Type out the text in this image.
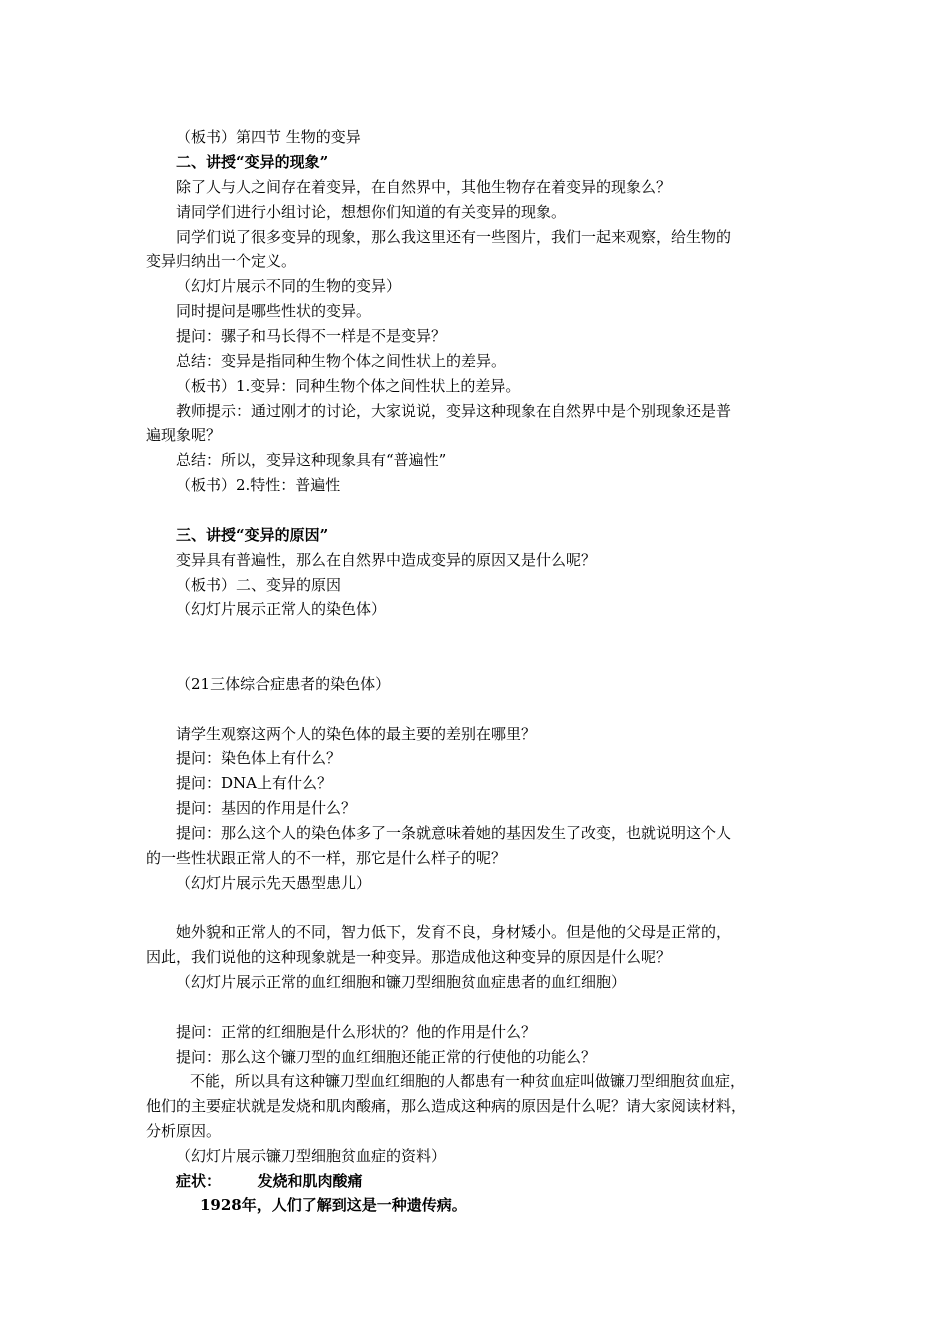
（板书）第四节 生物的变异
二、讲授“变异的现象”
除了人与人之间存在着变异，在自然界中，其他生物存在着变异的现象么？
请同学们进行小组讨论，想想你们知道的有关变异的现象。
同学们说了很多变异的现象，那么我这里还有一些图片，我们一起来观察，给生物的
变异归纳出一个定义。
（幻灯片展示不同的生物的变异）
同时提问是哪些性状的变异。
提问：骡子和马长得不一样是不是变异？
总结：变异是指同种生物个体之间性状上的差异。
（板书）1.变异：同种生物个体之间性状上的差异。
教师提示：通过刚才的讨论，大家说说，变异这种现象在自然界中是个别现象还是普
遍现象呢？
总结：所以，变异这种现象具有“普遍性”
（板书）2.特性：普遍性
三、讲授“变异的原因”
变异具有普遍性，那么在自然界中造成变异的原因又是什么呢？
（板书）二、变异的原因
（幻灯片展示正常人的染色体）
（21三体综合症患者的染色体）
请学生观察这两个人的染色体的最主要的差别在哪里？
提问：染色体上有什么？
提问：DNA上有什么？
提问：基因的作用是什么？
提问：那么这个人的染色体多了一条就意味着她的基因发生了改变，也就说明这个人
的一些性状跟正常人的不一样，那它是什么样子的呢？
（幻灯片展示先天愚型患儿）
她外貌和正常人的不同，智力低下，发育不良，身材矮小。但是他的父母是正常的，
因此，我们说他的这种现象就是一种变异。那造成他这种变异的原因是什么呢？
（幻灯片展示正常的血红细胞和镰刀型细胞贫血症患者的血红细胞）
提问：正常的红细胞是什么形状的？他的作用是什么？
提问：那么这个镰刀型的血红细胞还能正常的行使他的功能么？
不能，所以具有这种镰刀型血红细胞的人都患有一种贫血症叫做镰刀型细胞贫血症，
他们的主要症状就是发烧和肌肉酸痛，那么造成这种病的原因是什么呢？请大家阅读材料，
分析原因。
（幻灯片展示镰刀型细胞贫血症的资料）
症状：       发烧和肌肉酸痛
1928年，人们了解到这是一种遗传病。
